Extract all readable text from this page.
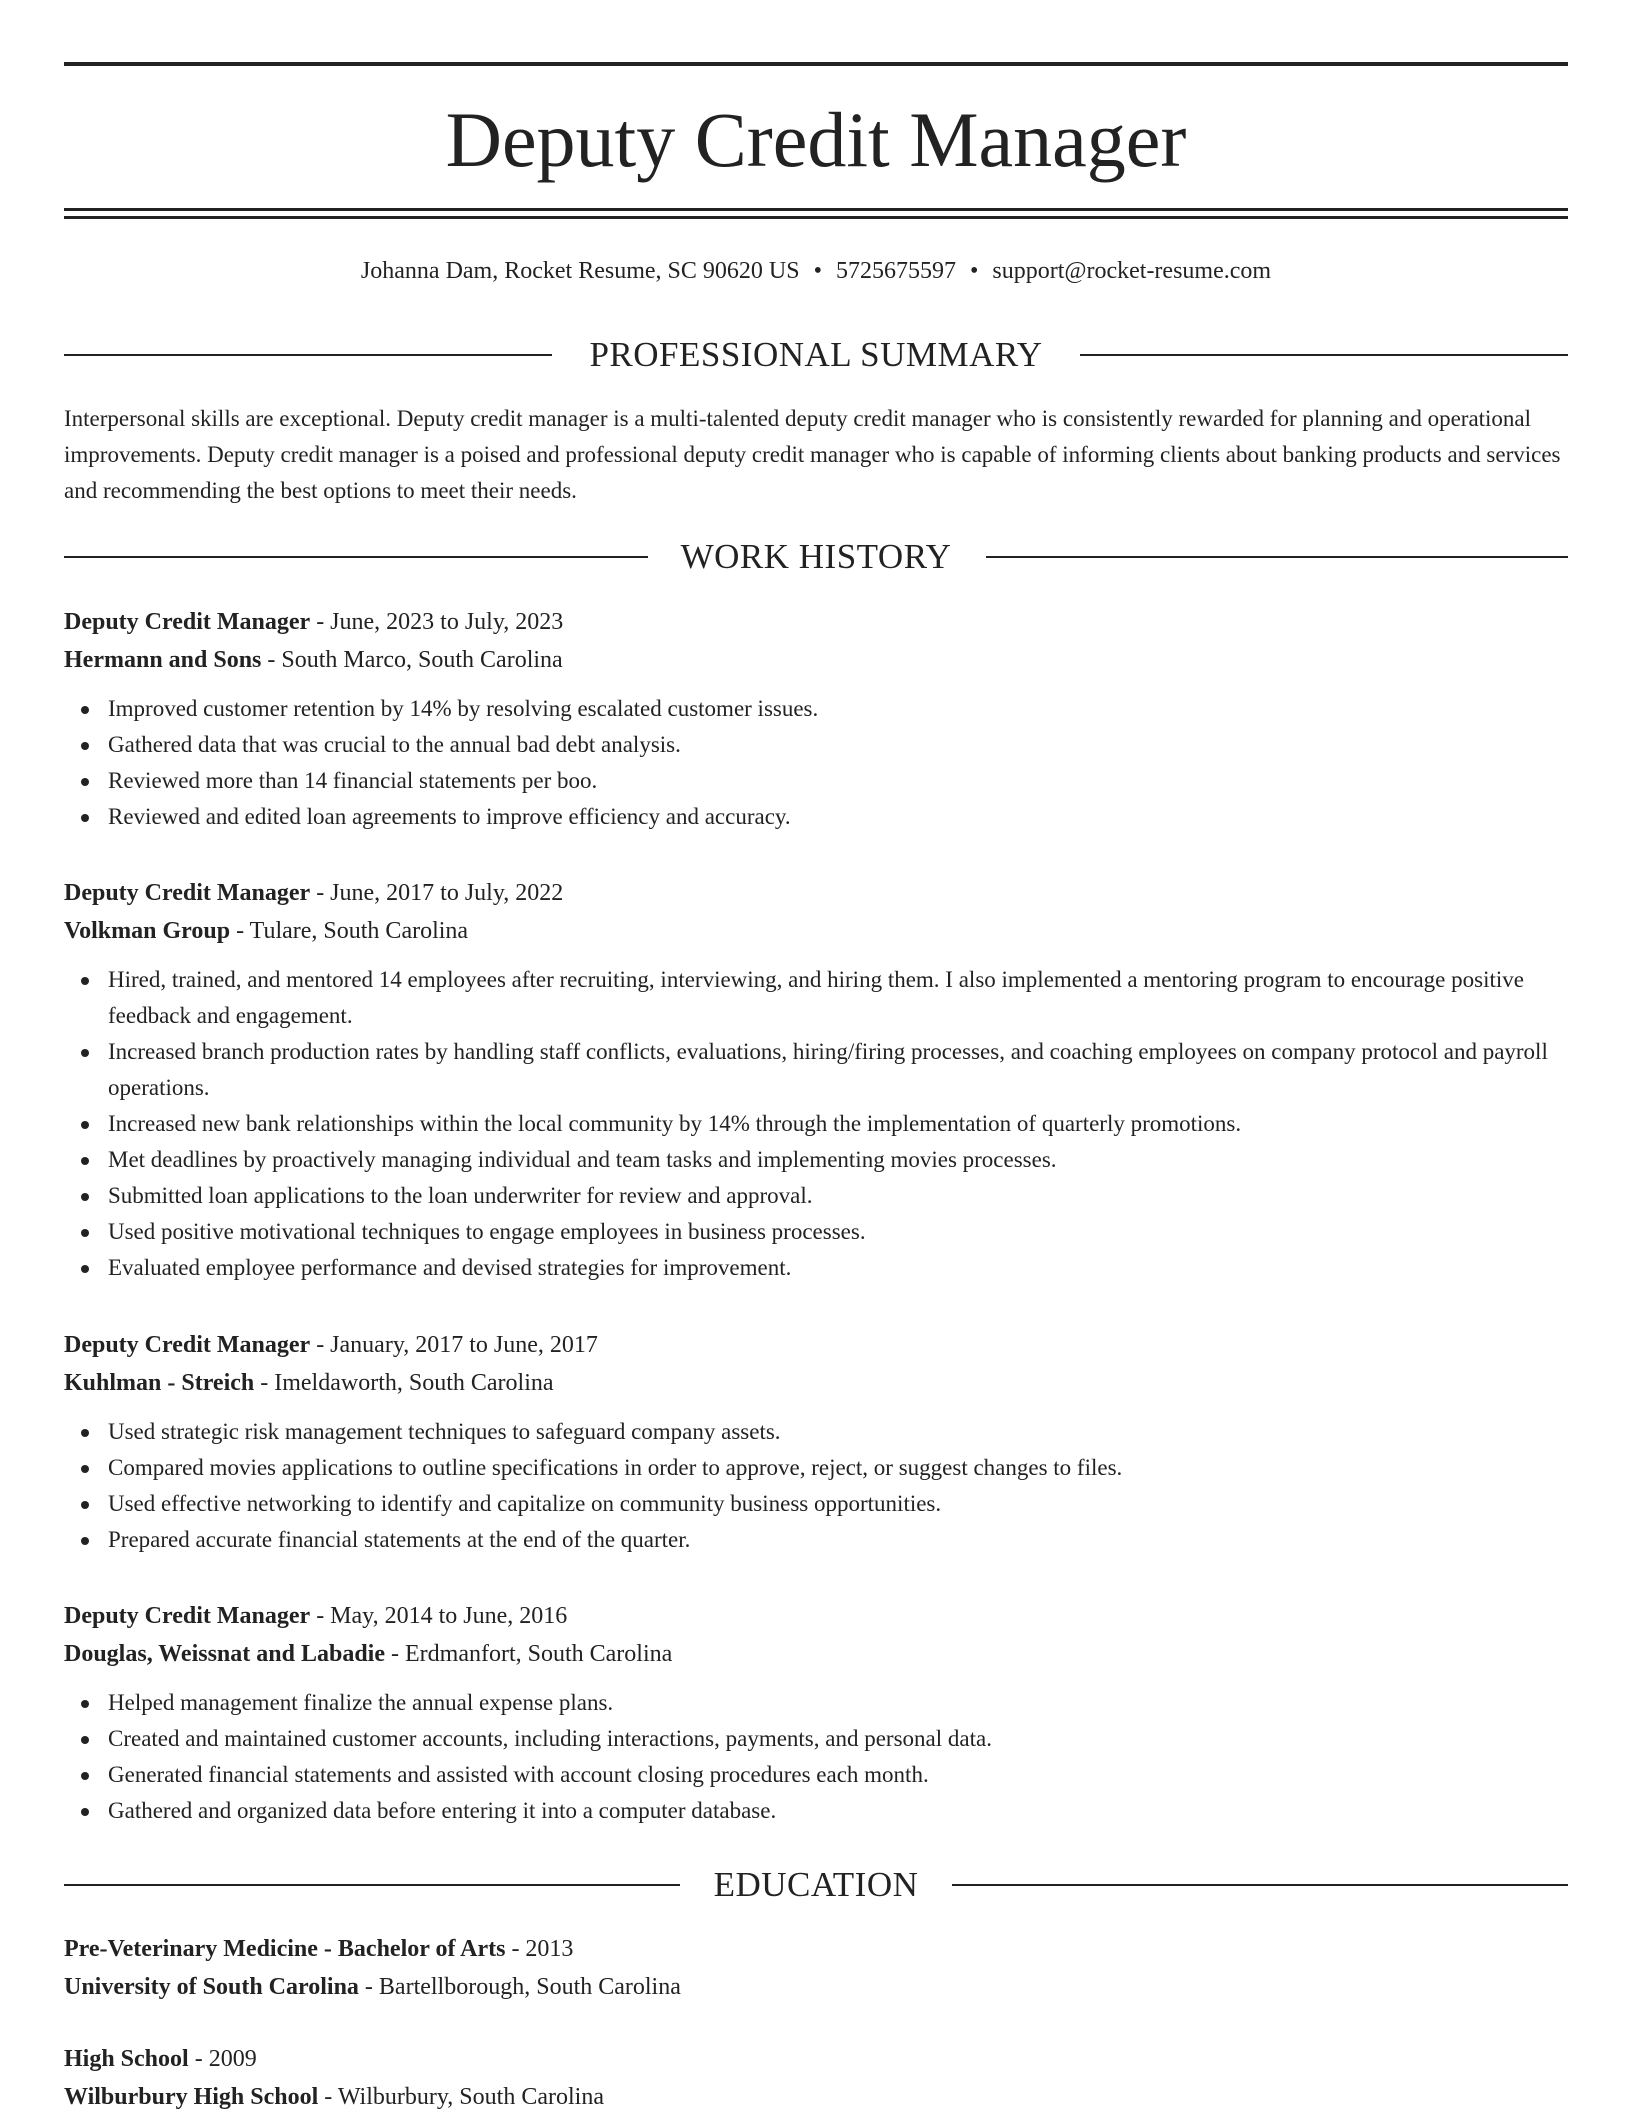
Deputy Credit Manager
Johanna Dam, Rocket Resume, SC 90620 US • 5725675597 • support@rocket-resume.com
PROFESSIONAL SUMMARY

Interpersonal skills are exceptional. Deputy credit manager is a multi-talented deputy credit manager who is consistently rewarded for planning and operational improvements. Deputy credit manager is a poised and professional deputy credit manager who is capable of informing clients about banking products and services and recommending the best options to meet their needs.

WORK HISTORY
Deputy Credit Manager - June, 2023 to July, 2023
Hermann and Sons - South Marco, South Carolina
Improved customer retention by 14% by resolving escalated customer issues.
Gathered data that was crucial to the annual bad debt analysis.
Reviewed more than 14 financial statements per boo.
Reviewed and edited loan agreements to improve efficiency and accuracy.
Deputy Credit Manager - June, 2017 to July, 2022
Volkman Group - Tulare, South Carolina
Hired, trained, and mentored 14 employees after recruiting, interviewing, and hiring them. I also implemented a mentoring program to encourage positive feedback and engagement.
Increased branch production rates by handling staff conflicts, evaluations, hiring/firing processes, and coaching employees on company protocol and payroll operations.
Increased new bank relationships within the local community by 14% through the implementation of quarterly promotions.
Met deadlines by proactively managing individual and team tasks and implementing movies processes.
Submitted loan applications to the loan underwriter for review and approval.
Used positive motivational techniques to engage employees in business processes.
Evaluated employee performance and devised strategies for improvement.
Deputy Credit Manager - January, 2017 to June, 2017
Kuhlman - Streich - Imeldaworth, South Carolina
Used strategic risk management techniques to safeguard company assets.
Compared movies applications to outline specifications in order to approve, reject, or suggest changes to files.
Used effective networking to identify and capitalize on community business opportunities.
Prepared accurate financial statements at the end of the quarter.
Deputy Credit Manager - May, 2014 to June, 2016
Douglas, Weissnat and Labadie - Erdmanfort, South Carolina
Helped management finalize the annual expense plans.
Created and maintained customer accounts, including interactions, payments, and personal data.
Generated financial statements and assisted with account closing procedures each month.
Gathered and organized data before entering it into a computer database.
EDUCATION
Pre-Veterinary Medicine - Bachelor of Arts - 2013
University of South Carolina - Bartellborough, South Carolina
High School - 2009
Wilburbury High School - Wilburbury, South Carolina
